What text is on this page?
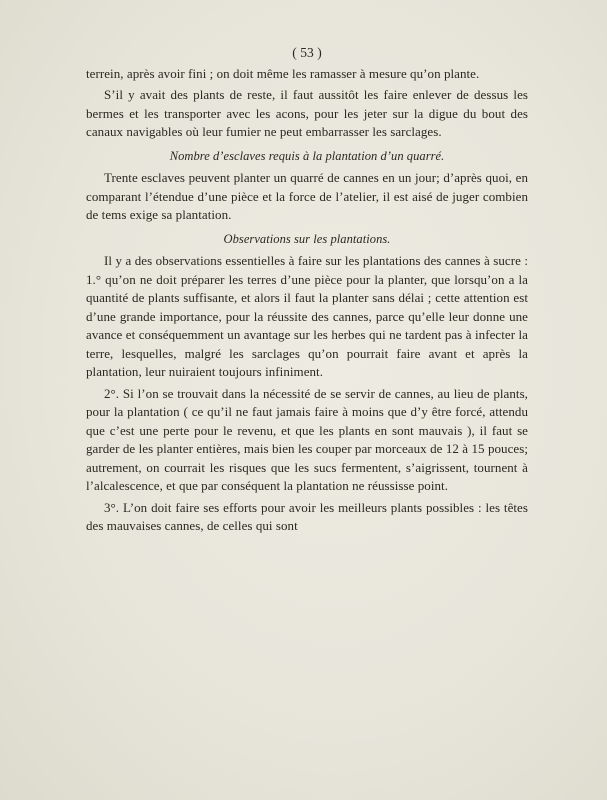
( 53 )

terrein, après avoir fini ; on doit même les ramasser à mesure qu’on plante.

S’il y avait des plants de reste, il faut aussitôt les faire enlever de dessus les bermes et les transporter avec les acons, pour les jeter sur la digue du bout des canaux navigables où leur fumier ne peut embarrasser les sarclages.

Nombre d’esclaves requis à la plantation d’un quarré.

Trente esclaves peuvent planter un quarré de cannes en un jour; d’après quoi, en comparant l’étendue d’une pièce et la force de l’atelier, il est aisé de juger combien de tems exige sa plantation.

Observations sur les plantations.

Il y a des observations essentielles à faire sur les plantations des cannes à sucre : 1.° qu’on ne doit préparer les terres d’une pièce pour la planter, que lorsqu’on a la quantité de plants suffisante, et alors il faut la planter sans délai ; cette attention est d’une grande importance, pour la réussite des cannes, parce qu’elle leur donne une avance et conséquemment un avantage sur les herbes qui ne tardent pas à infecter la terre, lesquelles, malgré les sarclages qu’on pourrait faire avant et après la plantation, leur nuiraient toujours infiniment.

2°. Si l’on se trouvait dans la nécessité de se servir de cannes, au lieu de plants, pour la plantation ( ce qu’il ne faut jamais faire à moins que d’y être forcé, attendu que c’est une perte pour le revenu, et que les plants en sont mauvais ), il faut se garder de les planter entières, mais bien les couper par morceaux de 12 à 15 pouces; autrement, on courrait les risques que les sucs fermentent, s’aigrissent, tournent à l’alcalescence, et que par conséquent la plantation ne réussisse point.

3°. L’on doit faire ses efforts pour avoir les meilleurs plants possibles : les têtes des mauvaises cannes, de celles qui sont
